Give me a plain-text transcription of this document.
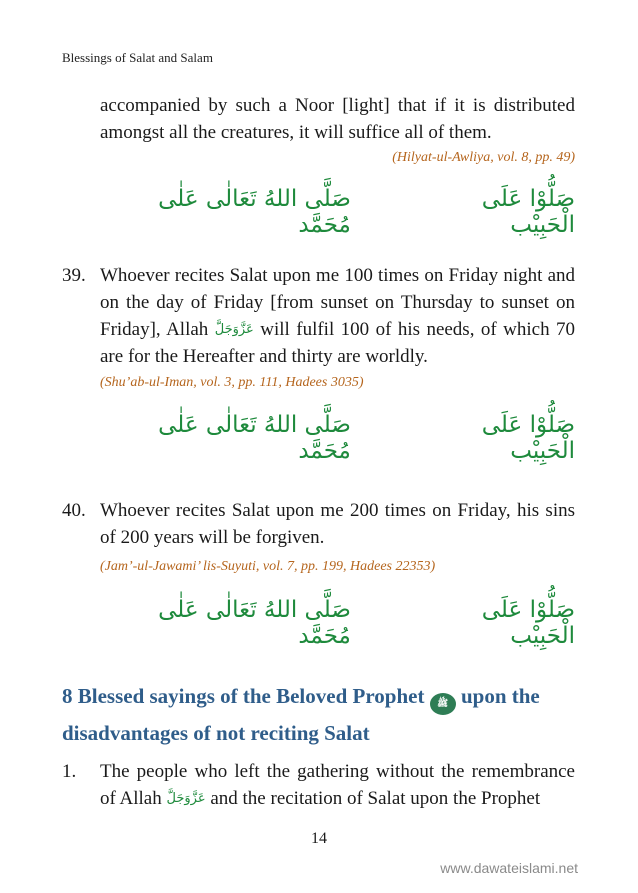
Blessings of Salat and Salam
accompanied by such a Noor [light] that if it is distributed amongst all the creatures, it will suffice all of them.
(Hilyat-ul-Awliya, vol. 8, pp. 49)
صَلُّوْا عَلَى الْحَبِيْب
صَلَّى اللهُ تَعَالٰى عَلٰى مُحَمَّد
39. Whoever recites Salat upon me 100 times on Friday night and on the day of Friday [from sunset on Thursday to sunset on Friday], Allah عَزَّوَجَلَّ will fulfil 100 of his needs, of which 70 are for the Hereafter and thirty are worldly.
(Shu’ab-ul-Iman, vol. 3, pp. 111, Hadees 3035)
صَلُّوْا عَلَى الْحَبِيْب
صَلَّى اللهُ تَعَالٰى عَلٰى مُحَمَّد
40. Whoever recites Salat upon me 200 times on Friday, his sins of 200 years will be forgiven.
(Jam’-ul-Jawami’ lis-Suyuti, vol. 7, pp. 199, Hadees 22353)
صَلُّوْا عَلَى الْحَبِيْب
صَلَّى اللهُ تَعَالٰى عَلٰى مُحَمَّد
8 Blessed sayings of the Beloved Prophet ﷺ upon the disadvantages of not reciting Salat
1.	The people who left the gathering without the remembrance of Allah عَزَّوَجَلَّ and the recitation of Salat upon the Prophet
14
www.dawateislami.net
